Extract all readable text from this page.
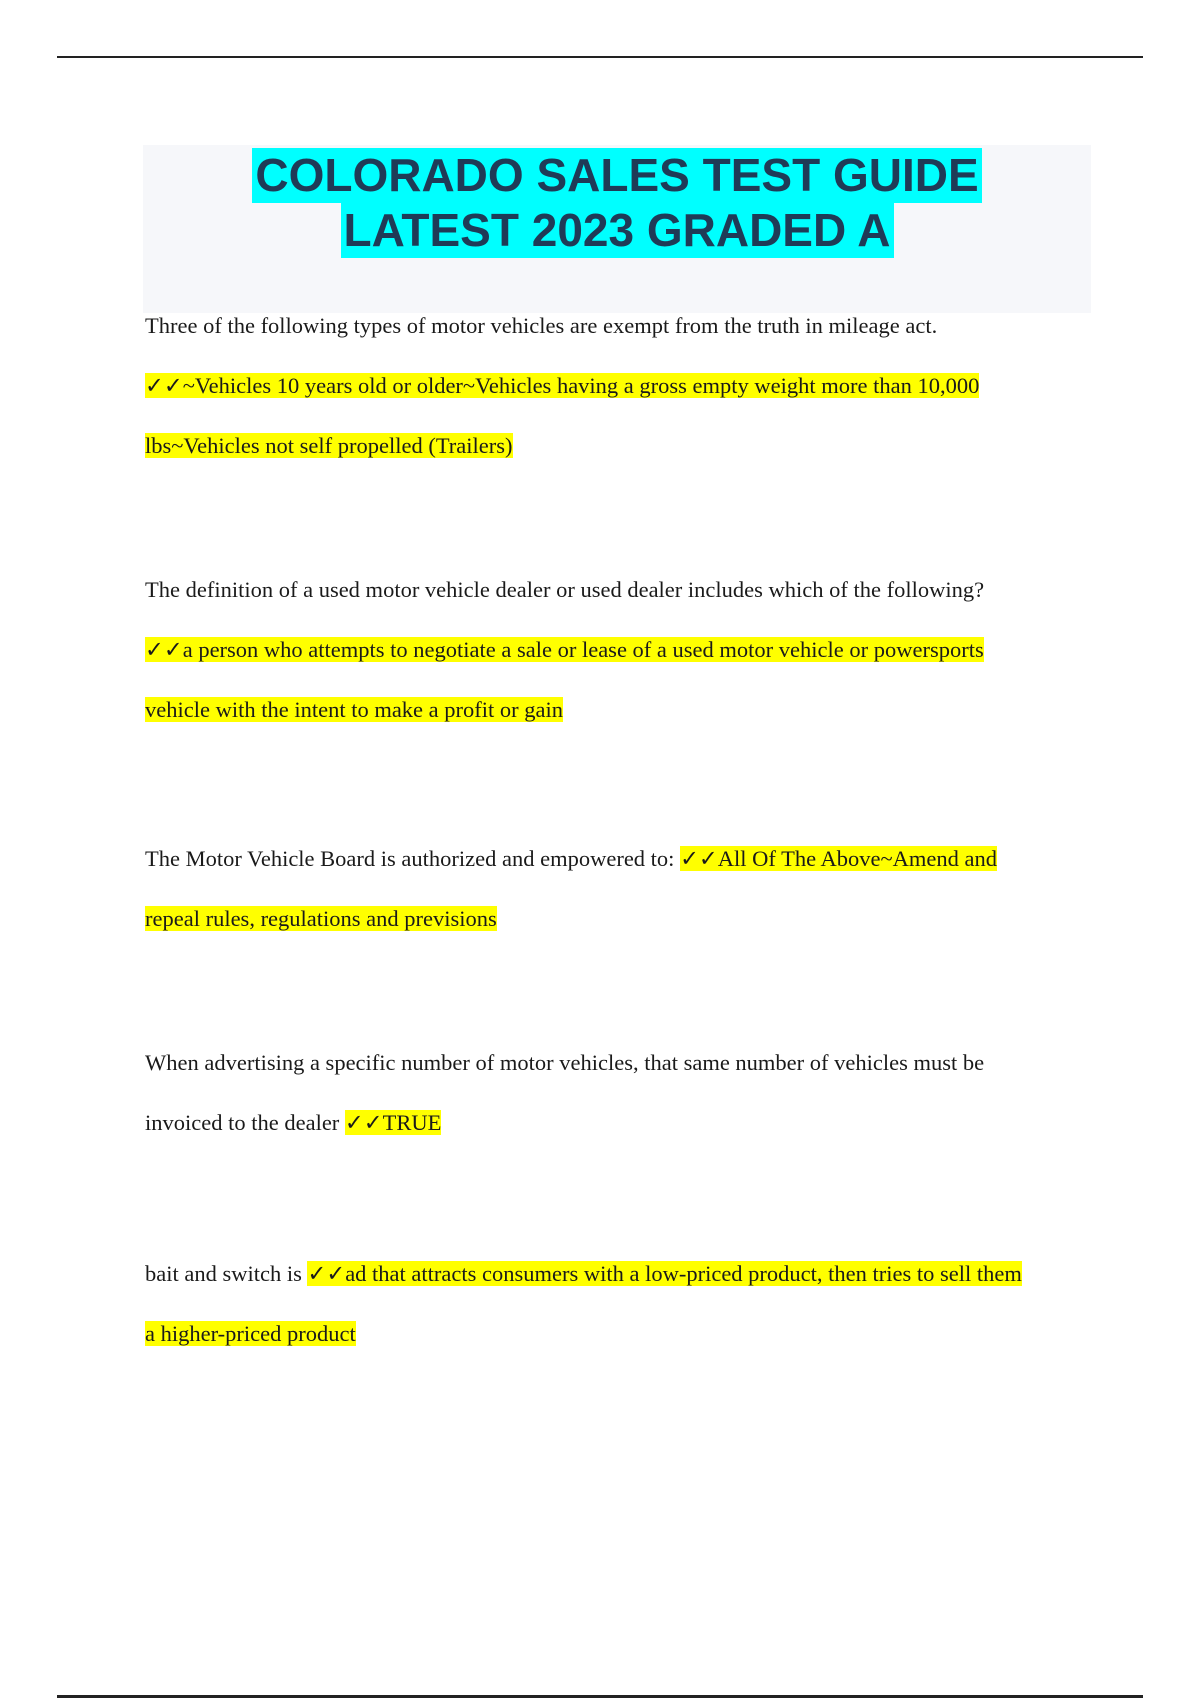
COLORADO SALES TEST GUIDE
LATEST 2023 GRADED A
Three of the following types of motor vehicles are exempt from the truth in mileage act.
✓✓~Vehicles 10 years old or older~Vehicles having a gross empty weight more than 10,000
lbs~Vehicles not self propelled (Trailers)
The definition of a used motor vehicle dealer or used dealer includes which of the following?
✓✓a person who attempts to negotiate a sale or lease of a used motor vehicle or powersports
vehicle with the intent to make a profit or gain
The Motor Vehicle Board is authorized and empowered to: ✓✓All Of The Above~Amend and
repeal rules, regulations and previsions
When advertising a specific number of motor vehicles, that same number of vehicles must be
invoiced to the dealer ✓✓TRUE
bait and switch is ✓✓ad that attracts consumers with a low-priced product, then tries to sell them
a higher-priced product
